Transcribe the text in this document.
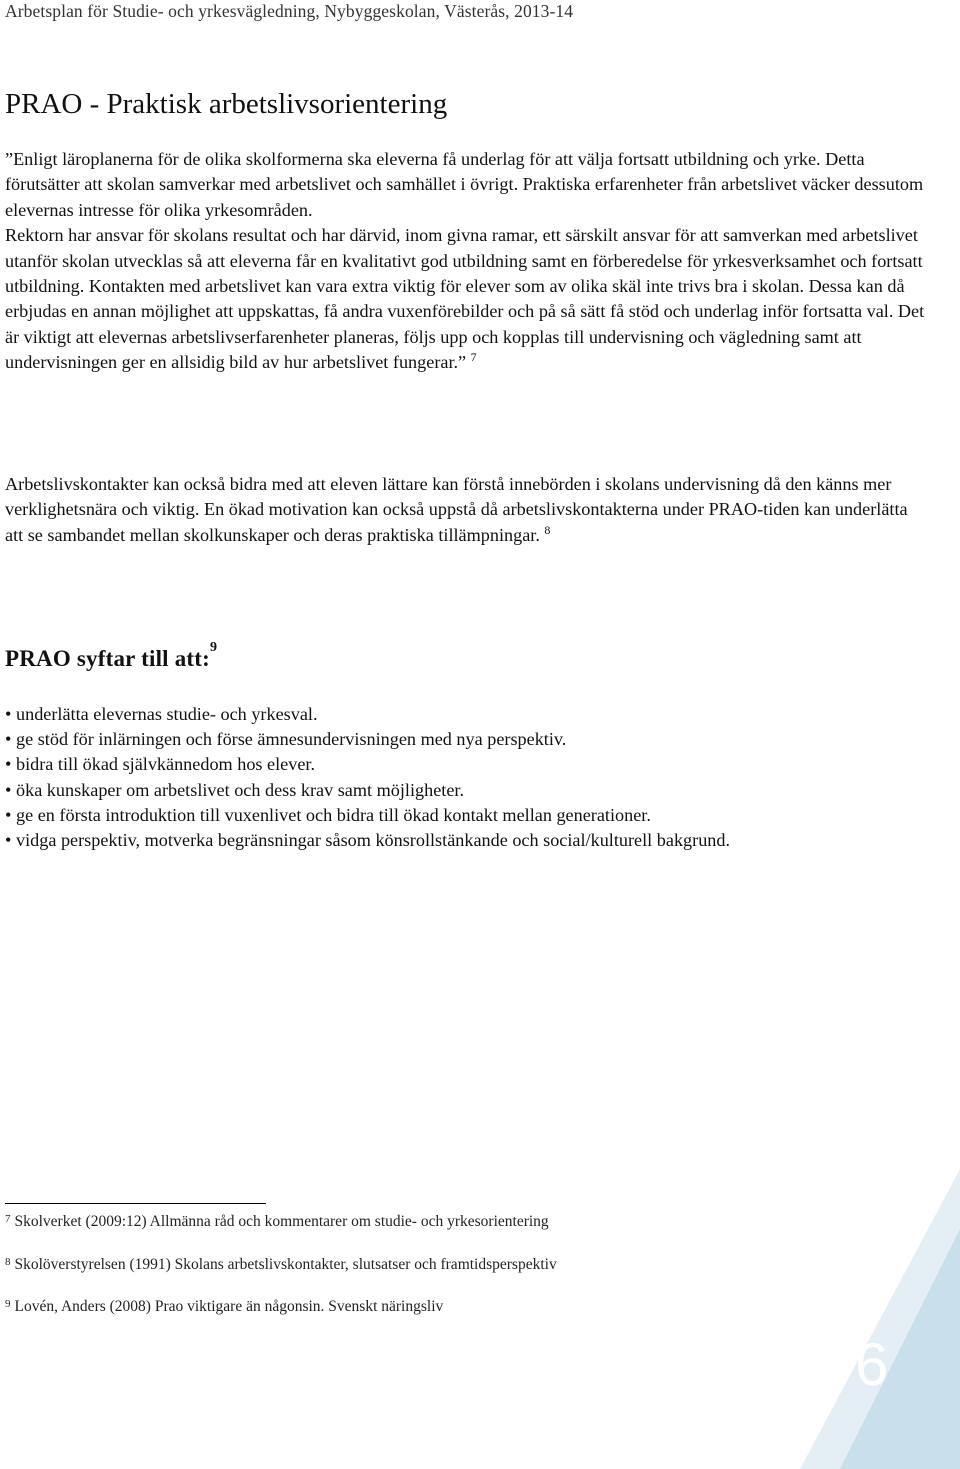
Arbetsplan för Studie- och yrkesvägledning, Nybyggeskolan, Västerås, 2013-14
PRAO - Praktisk arbetslivsorientering

”Enligt läroplanerna för de olika skolformerna ska eleverna få underlag för att välja fortsatt utbildning och yrke. Detta förutsätter att skolan samverkar med arbetslivet och samhället i övrigt. Praktiska erfarenheter från arbetslivet väcker dessutom elevernas intresse för olika yrkesområden.

Rektorn har ansvar för skolans resultat och har därvid, inom givna ramar, ett särskilt ansvar för att samverkan med arbetslivet utanför skolan utvecklas så att eleverna får en kvalitativt god utbildning samt en förberedelse för yrkesverksamhet och fortsatt utbildning. Kontakten med arbetslivet kan vara extra viktig för elever som av olika skäl inte trivs bra i skolan. Dessa kan då erbjudas en annan möjlighet att uppskattas, få andra vuxenförebilder och på så sätt få stöd och underlag inför fortsatta val. Det är viktigt att elevernas arbetslivserfarenheter planeras, följs upp och kopplas till undervisning och vägledning samt att undervisningen ger en allsidig bild av hur arbetslivet fungerar.” $^7$

Arbetslivskontakter kan också bidra med att eleven lättare kan förstå innebörden i skolans undervisning då den känns mer verklighetsnära och viktig. En ökad motivation kan också uppstå då arbetslivskontakterna under PRAO-tiden kan underlätta att se sambandet mellan skolkunskaper och deras praktiska tillämpningar. $^8$

PRAO syftar till att:$^9$
• underlätta elevernas studie- och yrkesval.
• ge stöd för inlärningen och förse ämnesundervisningen med nya perspektiv.
• bidra till ökad självkännedom hos elever.
• öka kunskaper om arbetslivet och dess krav samt möjligheter.
• ge en första introduktion till vuxenlivet och bidra till ökad kontakt mellan generationer.
• vidga perspektiv, motverka begränsningar såsom könsrollstänkande och social/kulturell bakgrund.
$^7$ Skolverket (2009:12) Allmänna råd och kommentarer om studie- och yrkesorientering
$^8$ Skolöverstyrelsen (1991) Skolans arbetslivskontakter, slutsatser och framtidsperspektiv
$^9$ Lovén, Anders (2008) Prao viktigare än någonsin. Svenskt näringsliv
6
